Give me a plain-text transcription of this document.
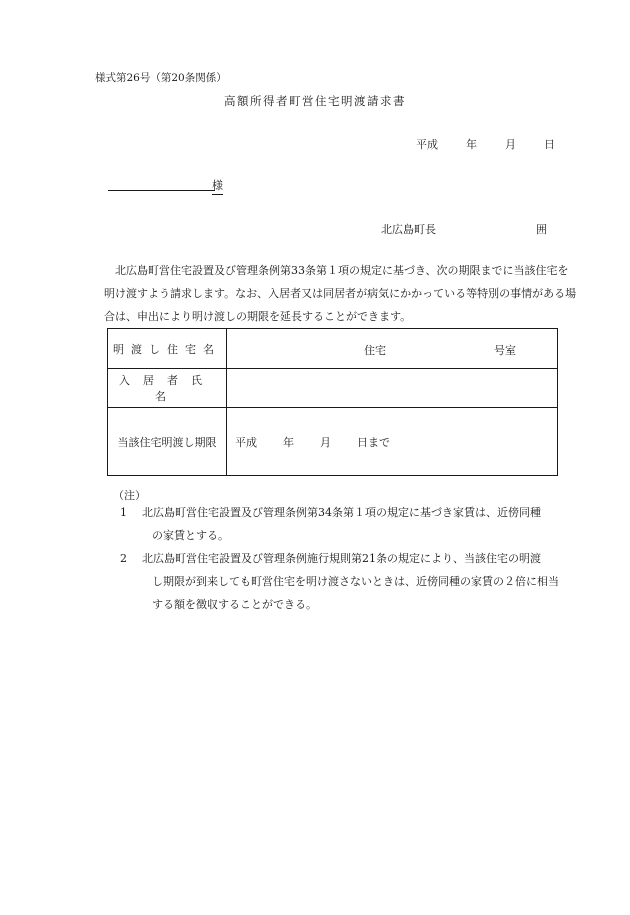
様式第26号（第20条関係）
高額所得者町営住宅明渡請求書
平成	年	月	日
様
北広島町長	囲

北広島町営住宅設置及び管理条例第33条第１項の規定に基づき、次の期限までに当該住宅を明け渡すよう請求します。なお、入居者又は同居者が病気にかかっている等特別の事情がある場合は、申出により明け渡しの期限を延長することができます。

明渡し住宅名	住宅 号室

入居者氏名	
当該住宅明渡し期限	平成 年 月 日まで
（注）
1 北広島町営住宅設置及び管理条例第34条第１項の規定に基づき家賃は、近傍同種
の家賃とする。
2 北広島町営住宅設置及び管理条例施行規則第21条の規定により、当該住宅の明渡
し期限が到来しても町営住宅を明け渡さないときは、近傍同種の家賃の２倍に相当
する額を徴収することができる。
